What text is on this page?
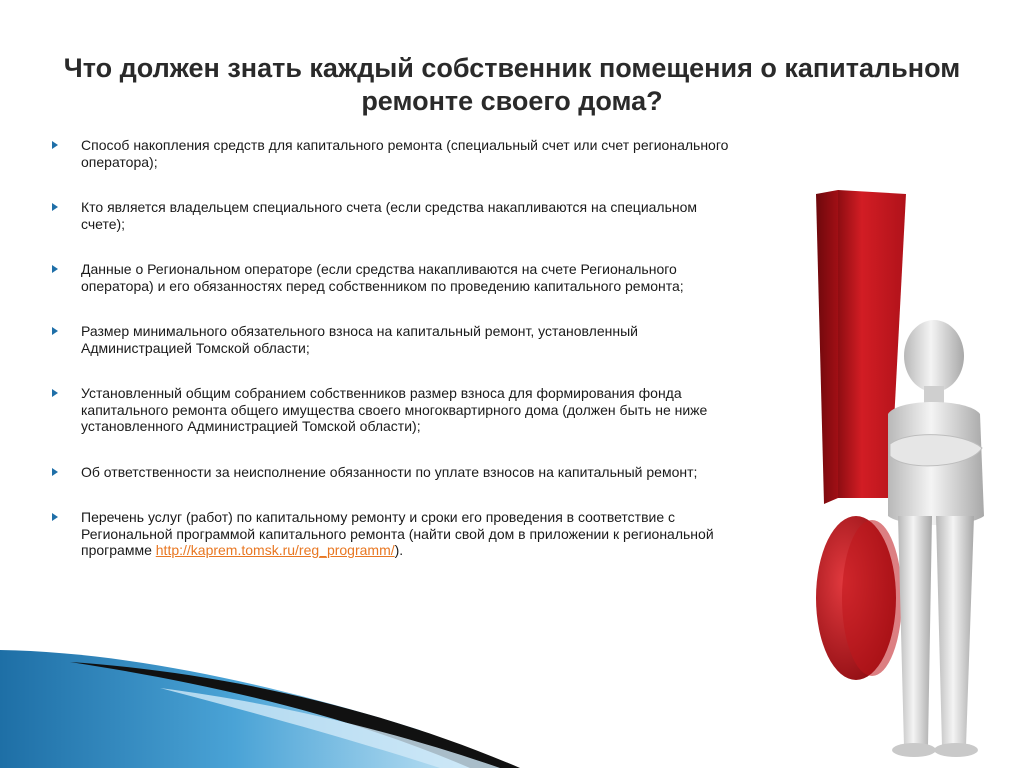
Что должен знать каждый собственник помещения о капитальном ремонте своего дома?
Способ накопления средств для капитального ремонта (специальный счет или счет регионального оператора);
Кто является владельцем специального счета (если средства накапливаются на специальном счете);
Данные о Региональном операторе (если средства накапливаются на счете Регионального оператора) и его обязанностях перед собственником по проведению капитального ремонта;
Размер минимального обязательного взноса на капитальный ремонт, установленный Администрацией Томской области;
Установленный общим собранием собственников размер взноса для формирования фонда капитального ремонта общего имущества своего многоквартирного дома (должен быть не ниже установленного Администрацией Томской области);
Об ответственности за неисполнение обязанности по уплате взносов на капитальный ремонт;
Перечень услуг (работ) по капитальному ремонту и сроки его проведения в соответствие с Региональной программой капитального ремонта (найти свой дом в приложении к региональной программе http://kaprem.tomsk.ru/reg_programm/).
